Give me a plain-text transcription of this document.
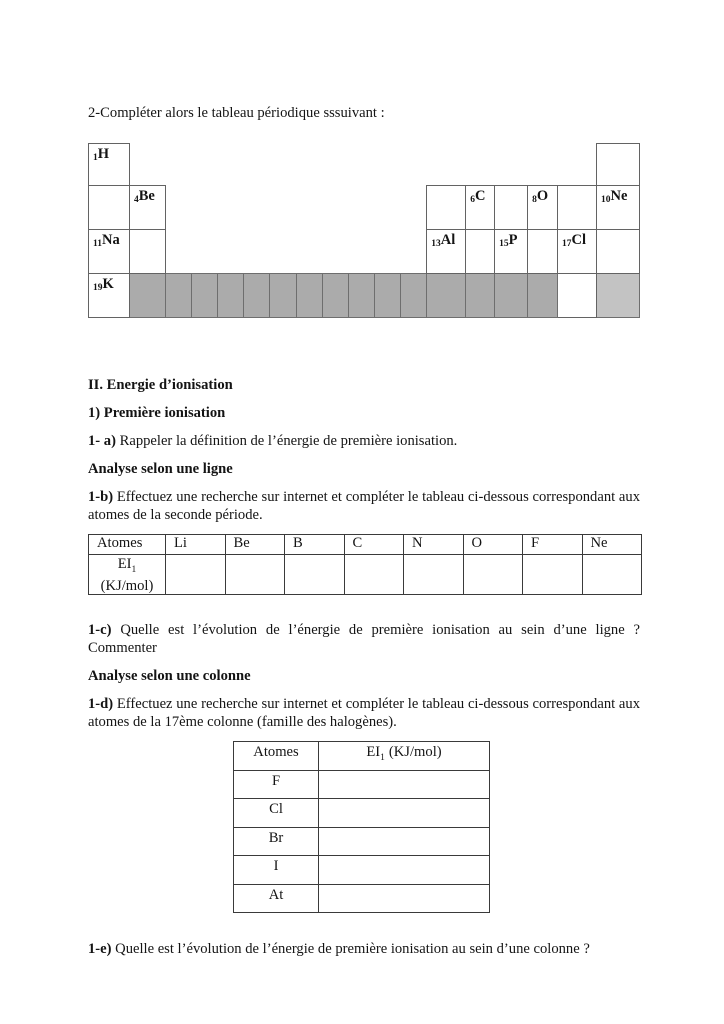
2-Compléter alors le tableau périodique sssuivant :

1H																	

	4Be												6C		8O		10Ne

11Na												13Al		15P		17Cl	

19K																	

II. Energie d’ionisation

1) Première ionisation

1- a) Rappeler la définition de l’énergie de première ionisation.

Analyse selon une ligne

1-b) Effectuez une recherche sur internet et compléter le tableau ci-dessous correspondant aux atomes de la seconde période.

Atomes	Li	Be	B	C	N	O	F	Ne

$EI_1$
(KJ/mol)								

1-c) Quelle est l’évolution de l’énergie de première ionisation au sein d’une ligne ? Commenter

Analyse selon une colonne

1-d) Effectuez une recherche sur internet et compléter le tableau ci-dessous correspondant aux atomes de la 17ème colonne (famille des halogènes).

Atomes	$EI_1$ (KJ/mol)
F	
Cl	
Br	
I	
At	

1-e) Quelle est l’évolution de l’énergie de première ionisation au sein d’une colonne ?
